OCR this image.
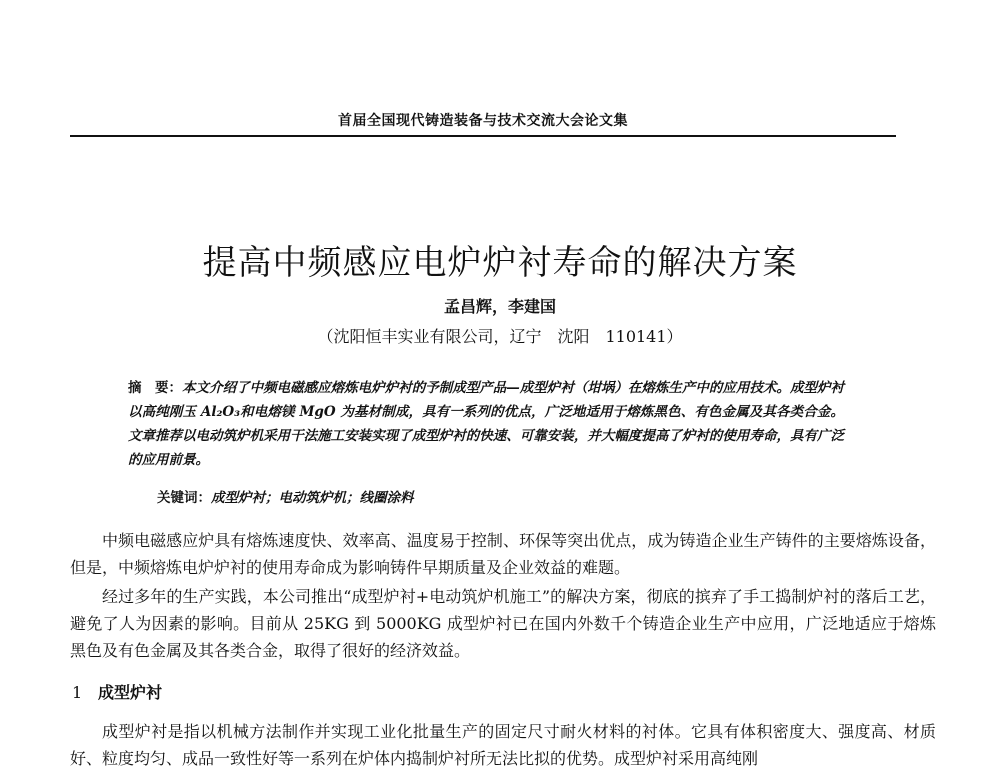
首届全国现代铸造装备与技术交流大会论文集
提高中频感应电炉炉衬寿命的解决方案
孟昌辉，李建国
（沈阳恒丰实业有限公司，辽宁　沈阳　110141）
摘　要：本文介绍了中频电磁感应熔炼电炉炉衬的予制成型产品—成型炉衬（坩埚）在熔炼生产中的应用技术。成型炉衬以高纯刚玉 Al₂O₃和电熔镁 MgO 为基材制成，具有一系列的优点，广泛地适用于熔炼黑色、有色金属及其各类合金。文章推荐以电动筑炉机采用干法施工安装实现了成型炉衬的快速、可靠安装，并大幅度提高了炉衬的使用寿命，具有广泛的应用前景。
关键词：成型炉衬；电动筑炉机；线圈涂料

中频电磁感应炉具有熔炼速度快、效率高、温度易于控制、环保等突出优点，成为铸造企业生产铸件的主要熔炼设备，但是，中频熔炼电炉炉衬的使用寿命成为影响铸件早期质量及企业效益的难题。

经过多年的生产实践，本公司推出“成型炉衬+电动筑炉机施工”的解决方案，彻底的摈弃了手工捣制炉衬的落后工艺，避免了人为因素的影响。目前从 25KG 到 5000KG 成型炉衬已在国内外数千个铸造企业生产中应用，广泛地适应于熔炼黑色及有色金属及其各类合金，取得了很好的经济效益。

1 成型炉衬

成型炉衬是指以机械方法制作并实现工业化批量生产的固定尺寸耐火材料的衬体。它具有体积密度大、强度高、材质好、粒度均匀、成品一致性好等一系列在炉体内捣制炉衬所无法比拟的优势。成型炉衬采用高纯刚
